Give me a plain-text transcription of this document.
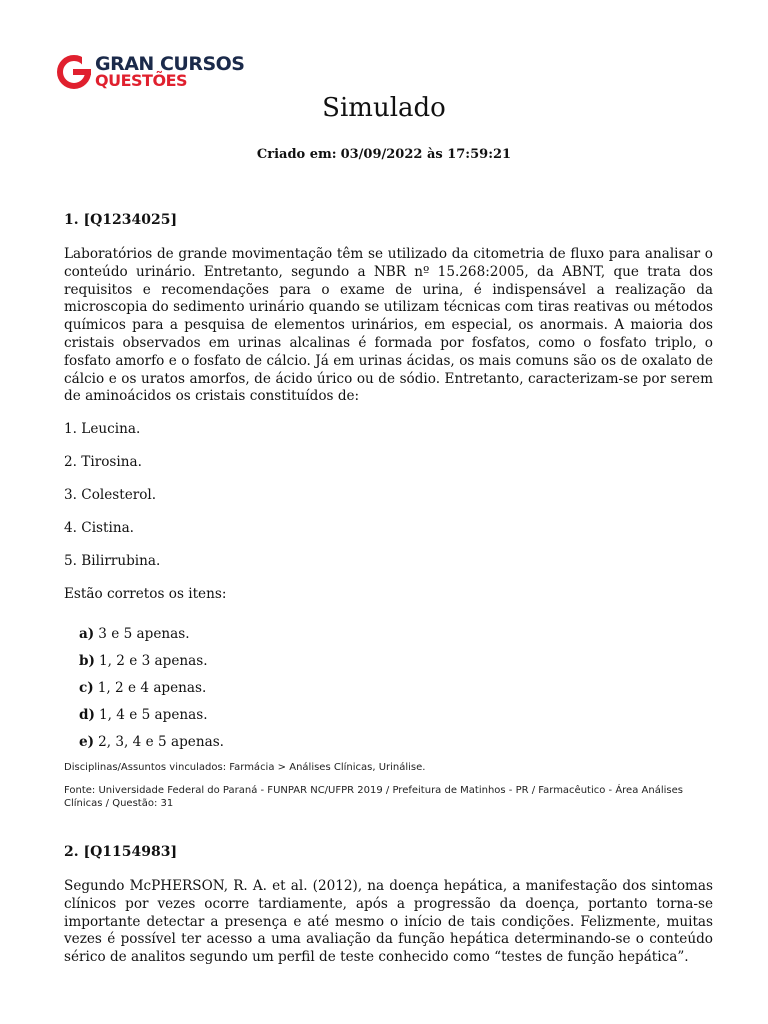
GRAN CURSOS
QUESTÕES
Simulado
Criado em: 03/09/2022 às 17:59:21

1. [Q1234025]

Laboratórios de grande movimentação têm se utilizado da citometria de fluxo para analisar o conteúdo urinário. Entretanto, segundo a NBR nº 15.268:2005, da ABNT, que trata dos requisitos e recomendações para o exame de urina, é indispensável a realização da microscopia do sedimento urinário quando se utilizam técnicas com tiras reativas ou métodos químicos para a pesquisa de elementos urinários, em especial, os anormais. A maioria dos cristais observados em urinas alcalinas é formada por fosfatos, como o fosfato triplo, o fosfato amorfo e o fosfato de cálcio. Já em urinas ácidas, os mais comuns são os de oxalato de cálcio e os uratos amorfos, de ácido úrico ou de sódio. Entretanto, caracterizam-se por serem de aminoácidos os cristais constituídos de:

1. Leucina.

2. Tirosina.

3. Colesterol.

4. Cistina.

5. Bilirrubina.

Estão corretos os itens:

a) 3 e 5 apenas.
b) 1, 2 e 3 apenas.
c) 1, 2 e 4 apenas.
d) 1, 4 e 5 apenas.
e) 2, 3, 4 e 5 apenas.

Disciplinas/Assuntos vinculados: Farmácia > Análises Clínicas, Urinálise.

Fonte: Universidade Federal do Paraná - FUNPAR NC/UFPR 2019 / Prefeitura de Matinhos - PR / Farmacêutico - Área Análises Clínicas / Questão: 31

2. [Q1154983]

Segundo McPHERSON, R. A. et al. (2012), na doença hepática, a manifestação dos sintomas clínicos por vezes ocorre tardiamente, após a progressão da doença, portanto torna-se importante detectar a presença e até mesmo o início de tais condições. Felizmente, muitas vezes é possível ter acesso a uma avaliação da função hepática determinando-se o conteúdo sérico de analitos segundo um perfil de teste conhecido como “testes de função hepática”.
